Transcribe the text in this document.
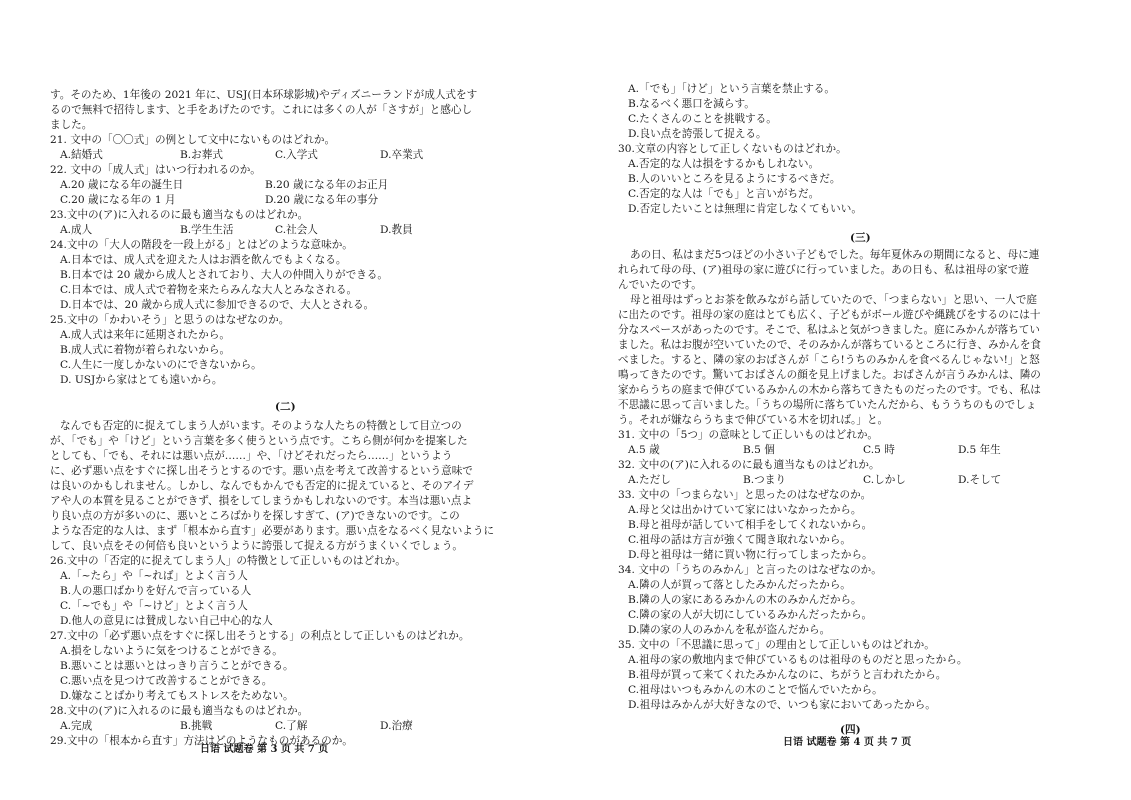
す。そのため、1年後の 2021 年に、USJ(日本环球影城)やディズニーランドが成人式をす
るので無料で招待します、と手をあげたのです。これには多くの人が「さすが」と感心し
ました。
21. 文中の「〇〇式」の例として文中にないものはどれか。
A.結婚式	B.お葬式	C.入学式	D.卒業式
22. 文中の「成人式」はいつ行われるのか。
A.20 歳になる年の誕生日	B.20 歳になる年のお正月
C.20 歳になる年の 1 月	D.20 歳になる年の事分
23.文中の(ア)に入れるのに最も適当なものはどれか。
A.成人	B.学生生活	C.社会人	D.教員
24.文中の「大人の階段を一段上がる」とはどのような意味か。
A.日本では、成人式を迎えた人はお酒を飲んでもよくなる。
B.日本では 20 歳から成人とされており、大人の仲間入りができる。
C.日本では、成人式で着物を来たらみんな大人とみなされる。
D.日本では、20 歳から成人式に参加できるので、大人とされる。
25.文中の「かわいそう」と思うのはなぜなのか。
A.成人式は来年に延期されたから。
B.成人式に着物が着られないから。
C.人生に一度しかないのにできないから。
D. USJから家はとても遠いから。
(二)
なんでも否定的に捉えてしまう人がいます。そのような人たちの特徴として目立つの
が、「でも」や「けど」という言葉を多く使うという点です。こちら側が何かを提案した
としても、「でも、それには悪い点が……」や、「けどそれだったら……」というよう
に、必ず悪い点をすぐに探し出そうとするのです。悪い点を考えて改善するという意味で
は良いのかもしれません。しかし、なんでもかんでも否定的に捉えていると、そのアイデ
アや人の本質を見ることができず、損をしてしまうかもしれないのです。本当は悪い点よ
り良い点の方が多いのに、悪いところばかりを探しすぎて、(ア)できないのです。この
ような否定的な人は、まず「根本から直す」必要があります。悪い点をなるべく見ないように
して、良い点をその何倍も良いというように誇張して捉える方がうまくいくでしょう。
26.文中の「否定的に捉えてしまう人」の特徴として正しいものはどれか。
A.「~たら」や「~れば」とよく言う人
B.人の悪口ばかりを好んで言っている人
C.「~でも」や「~けど」とよく言う人
D.他人の意見には賛成しない自己中心的な人
27.文中の「必ず悪い点をすぐに探し出そうとする」の利点として正しいものはどれか。
A.損をしないように気をつけることができる。
B.悪いことは悪いとはっきり言うことができる。
C.悪い点を見つけて改善することができる。
D.嫌なことばかり考えてもストレスをためない。
28.文中の(ア)に入れるのに最も適当なものはどれか。
A.完成	B.挑戦	C.了解	D.治療
29.文中の「根本から直す」方法はどのようなものがあるのか。
日语 试题卷 第 3 页 共 7 页
A.「でも」「けど」という言葉を禁止する。
B.なるべく悪口を減らす。
C.たくさんのことを挑戦する。
D.良い点を誇張して捉える。
30.文章の内容として正しくないものはどれか。
A.否定的な人は損をするかもしれない。
B.人のいいところを見るようにするべきだ。
C.否定的な人は「でも」と言いがちだ。
D.否定したいことは無理に肯定しなくてもいい。
(三)
あの日、私はまだ5つほどの小さい子どもでした。毎年夏休みの期間になると、母に連
れられて母の母、(ア)祖母の家に遊びに行っていました。あの日も、私は祖母の家で遊
んでいたのです。
母と祖母はずっとお茶を飲みながら話していたので、「つまらない」と思い、一人で庭
に出たのです。祖母の家の庭はとても広く、子どもがボール遊びや縄跳びをするのには十
分なスペースがあったのです。そこで、私はふと気がつきました。庭にみかんが落ちてい
ました。私はお腹が空いていたので、そのみかんが落ちているところに行き、みかんを食
べました。すると、隣の家のおばさんが「こら!うちのみかんを食べるんじゃない!」と怒
鳴ってきたのです。驚いておばさんの顔を見上げました。おばさんが言うみかんは、隣の
家からうちの庭まで伸びているみかんの木から落ちてきたものだったのです。でも、私は
不思議に思って言いました。「うちの場所に落ちていたんだから、もううちのものでしょ
う。それが嫌ならうちまで伸びている木を切れば。」と。
31. 文中の「5つ」の意味として正しいものはどれか。
A.5 歳	B.5 個	C.5 時	D.5 年生
32. 文中の(ア)に入れるのに最も適当なものはどれか。
A.ただし	B.つまり	C.しかし	D.そして
33. 文中の「つまらない」と思ったのはなぜなのか。
A.母と父は出かけていて家にはいなかったから。
B.母と祖母が話していて相手をしてくれないから。
C.祖母の話は方言が強くて聞き取れないから。
D.母と祖母は一緒に買い物に行ってしまったから。
34. 文中の「うちのみかん」と言ったのはなぜなのか。
A.隣の人が買って落としたみかんだったから。
B.隣の人の家にあるみかんの木のみかんだから。
C.隣の家の人が大切にしているみかんだったから。
D.隣の家の人のみかんを私が盗んだから。
35. 文中の「不思議に思って」の理由として正しいものはどれか。
A.祖母の家の敷地内まで伸びているものは祖母のものだと思ったから。
B.祖母が買って来てくれたみかんなのに、ちがうと言われたから。
C.祖母はいつもみかんの木のことで悩んでいたから。
D.祖母はみかんが大好きなので、いつも家においてあったから。
(四)
日语 试题卷 第 4 页 共 7 页
